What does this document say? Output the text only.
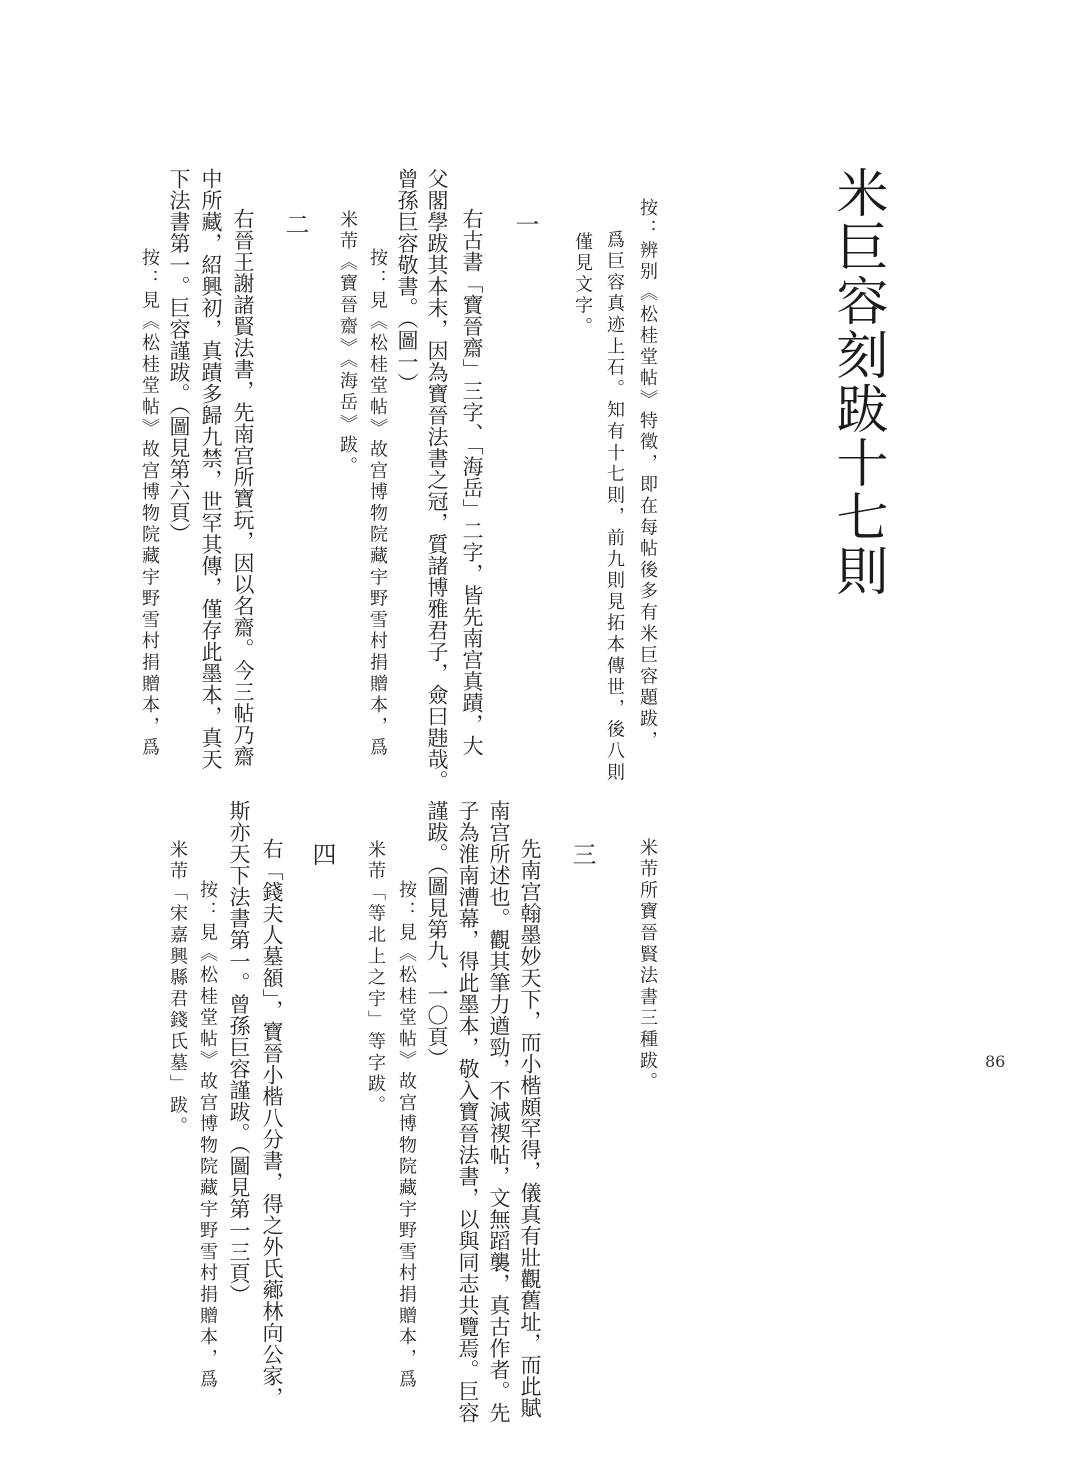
米巨容刻跋十七則
按：辨别《松桂堂帖》特徵，即在每帖後多有米巨容題跋，
爲巨容真迹上石。知有十七則，前九則見拓本傳世，後八則
僅見文字。
一
右古書「寶晉齋」三字、「海岳」二字，皆先南宫真蹟，大
父閣學跋其本末，因為寶晉法書之冠，質諸博雅君子，僉曰韪哉。
曾孫巨容敬書。（圖一）
按：見《松桂堂帖》故宫博物院藏宇野雪村捐贈本，爲
米芾《寶晉齋》《海岳》跋。
二
右晉王謝諸賢法書，先南宫所寶玩，因以名齋。今三帖乃齋
中所藏，紹興初，真蹟多歸九禁，世罕其傳，僅存此墨本，真天
下法書第一。巨容謹跋。（圖見第六頁）
按：見《松桂堂帖》故宫博物院藏宇野雪村捐贈本，爲
米芾所寶晉賢法書三種跋。
三
先南宫翰墨妙天下，而小楷頗罕得，儀真有壯觀舊址，而此賦
南宫所述也。觀其筆力遒勁，不減禊帖，文無蹈襲，真古作者。先
子為淮南漕幕，得此墨本，敬入寶晉法書，以與同志共覽焉。巨容
謹跋。（圖見第九、一〇頁）
按：見《松桂堂帖》故宫博物院藏宇野雪村捐贈本，爲
米芾「等北上之宇」等字跋。
四
右「錢夫人墓頟」，寶晉小楷八分書，得之外氏薌林向公家，
斯亦天下法書第一。曾孫巨容謹跋。（圖見第一三頁）
按：見《松桂堂帖》故宫博物院藏宇野雪村捐贈本，爲
米芾「宋嘉興縣君錢氏墓」跋。	86
